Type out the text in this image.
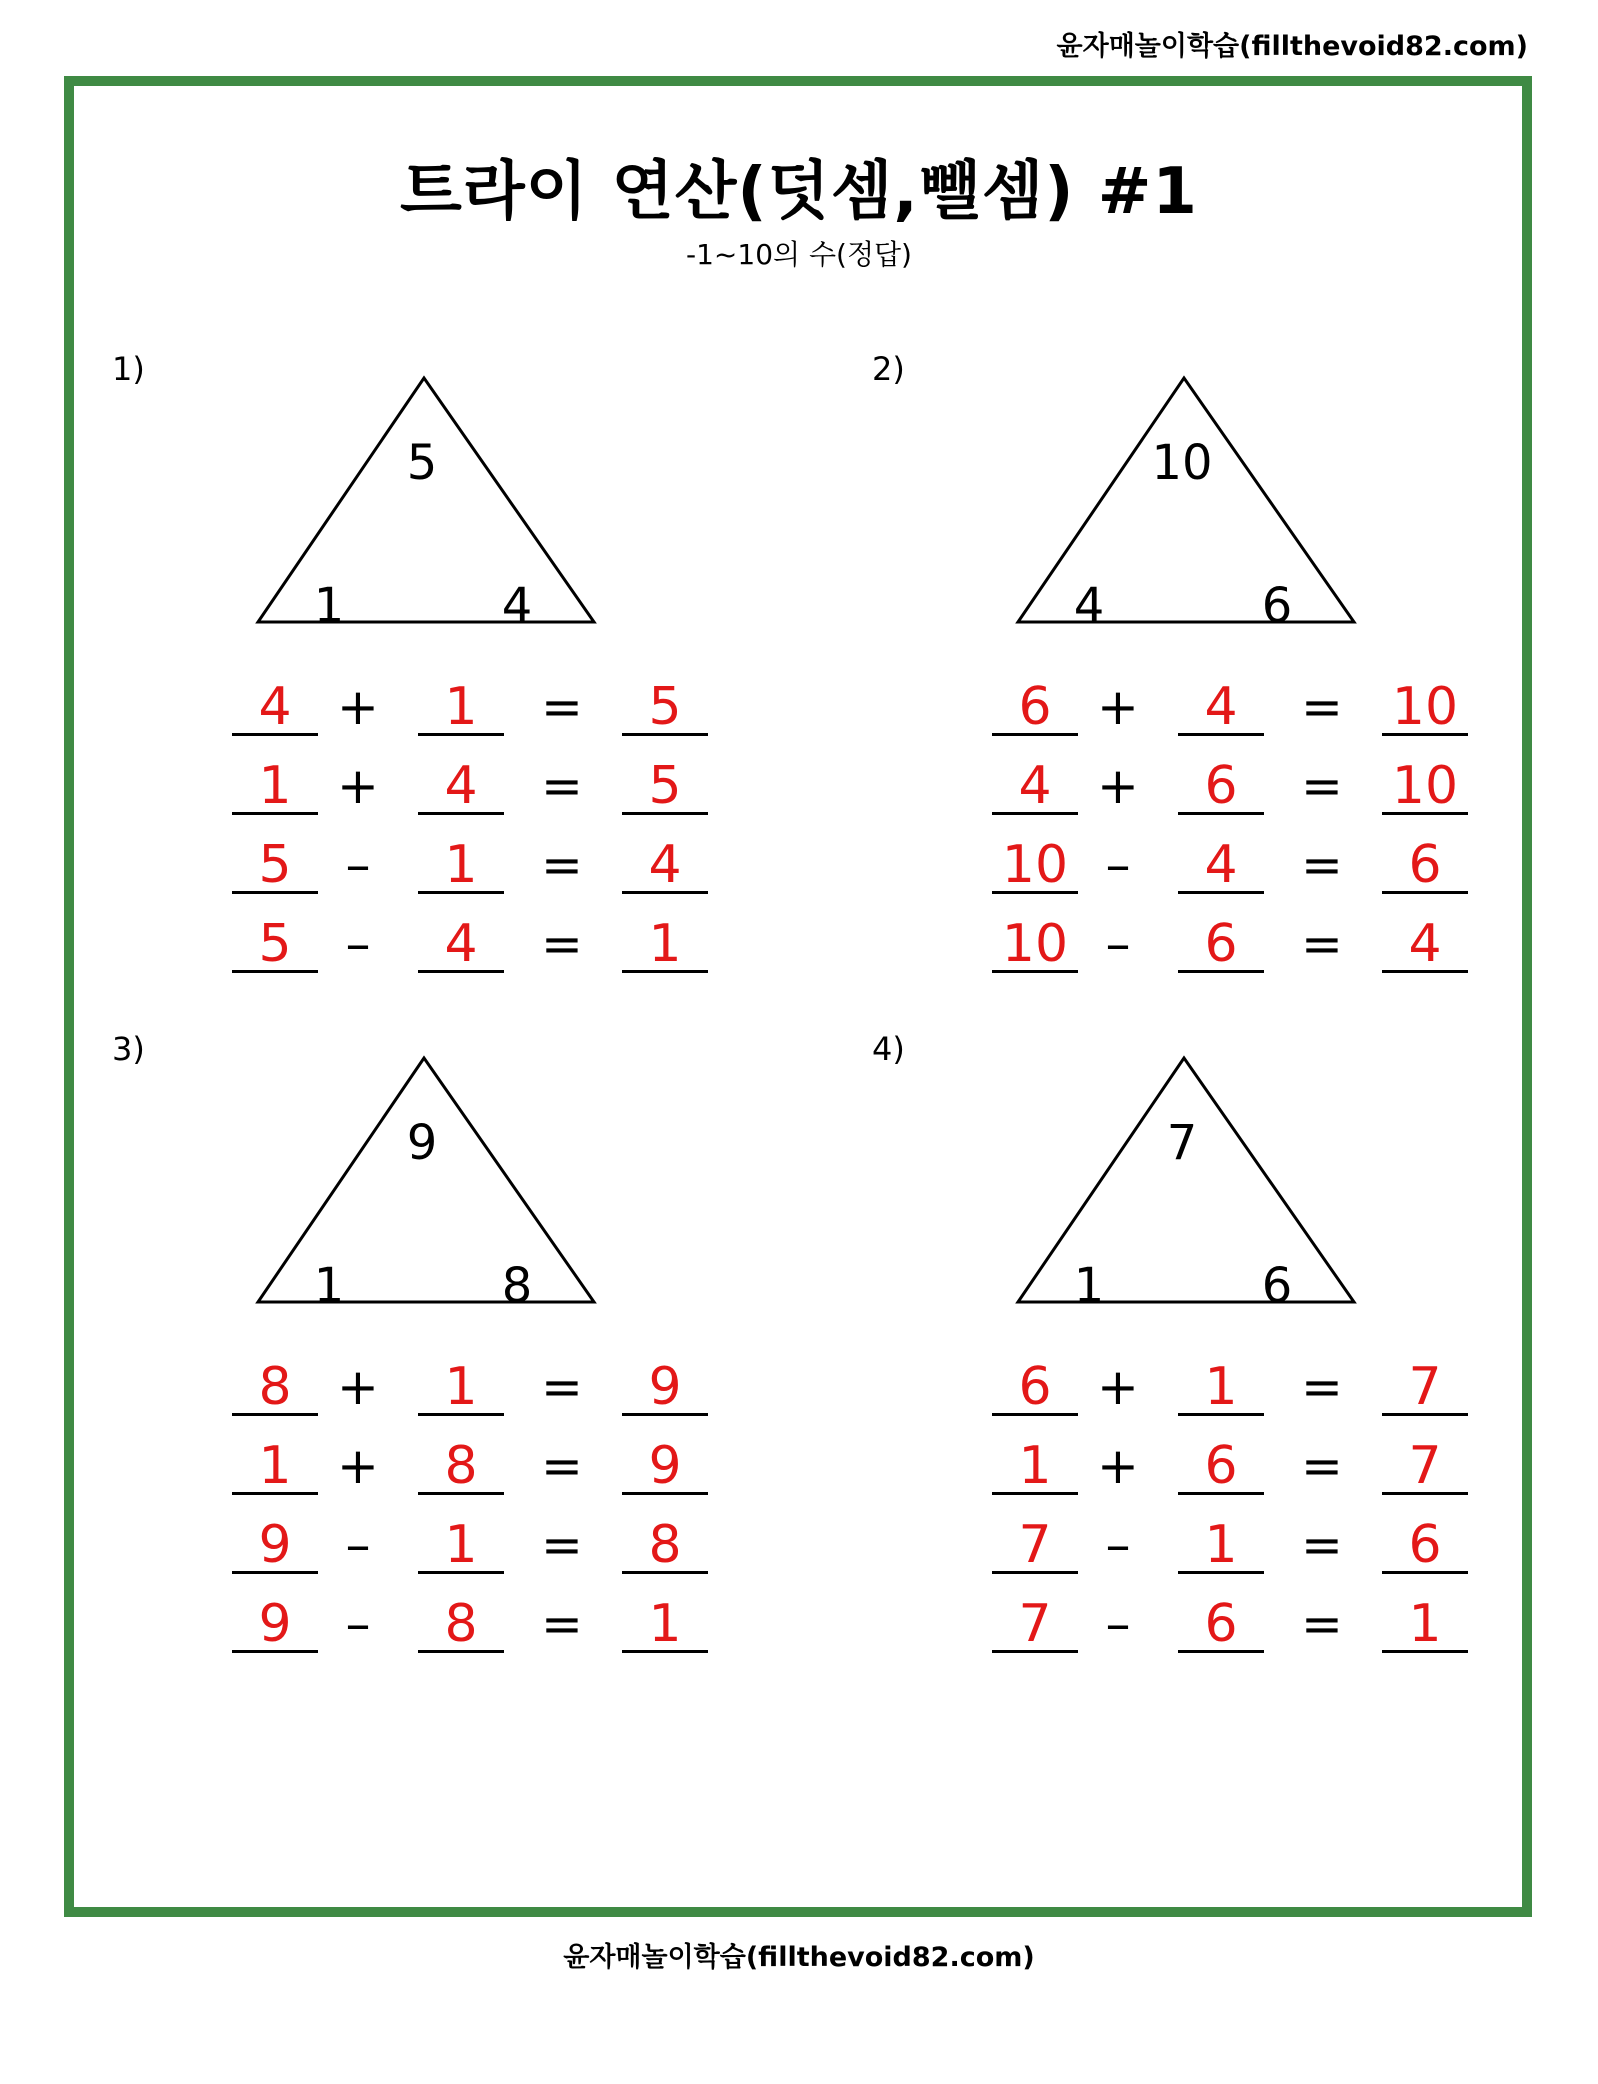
윤자매놀이학습(fillthevoid82.com)
트라이 연산(덧셈,뺄셈) #1
-1~10의 수(정답)
1)
5
1	4
4 +	1	=	5
1 +	4	=	5
5	–	1	=	4
5	–	4	=	1
2)
10
4	6
6 +	4	= 10
4 +	6	= 10
10 –	4	=	6
10 –	6	=	4
3)
9
1	8
8 +	1	=	9
1 +	8	=	9
9	–	1	=	8
9	–	8	=	1
4)
7
1	6
6 +	1	=	7
1 +	6	=	7
7	–	1	=	6
7	–	6	=	1
윤자매놀이학습(fillthevoid82.com)
